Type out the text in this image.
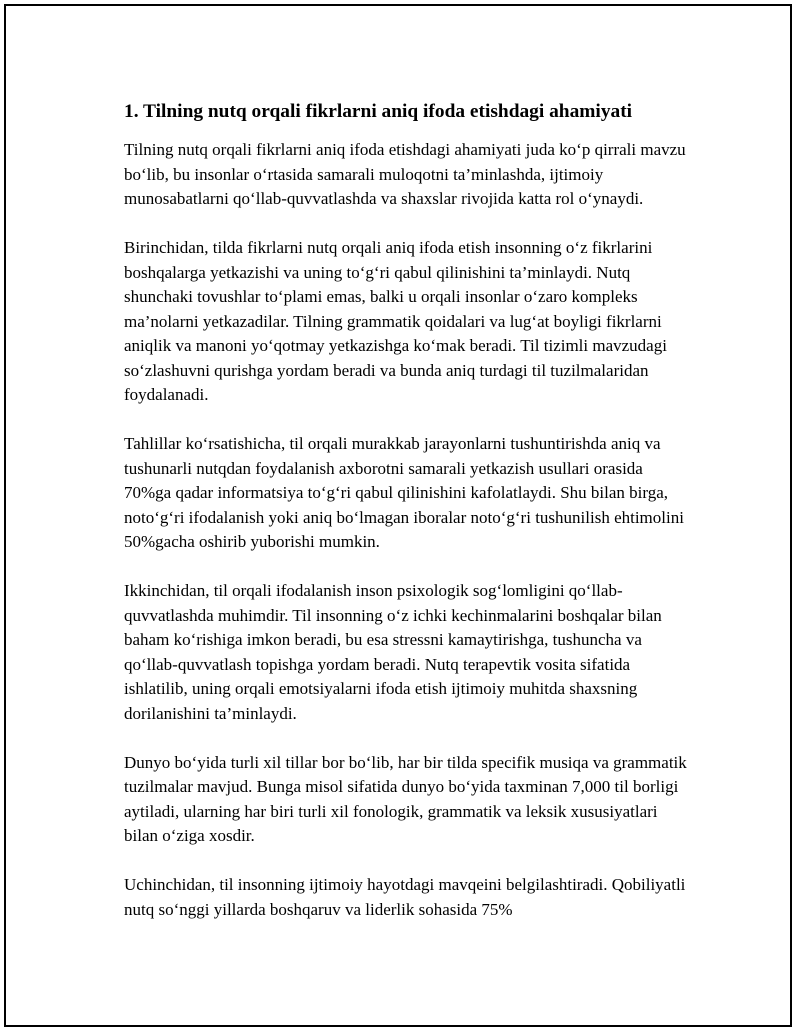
1. Tilning nutq orqali fikrlarni aniq ifoda etishdagi ahamiyati

Tilning nutq orqali fikrlarni aniq ifoda etishdagi ahamiyati juda ko‘p qirrali mavzu bo‘lib, bu insonlar o‘rtasida samarali muloqotni ta’minlashda, ijtimoiy munosabatlarni qo‘llab-quvvatlashda va shaxslar rivojida katta rol o‘ynaydi.

Birinchidan, tilda fikrlarni nutq orqali aniq ifoda etish insonning o‘z fikrlarini boshqalarga yetkazishi va uning to‘g‘ri qabul qilinishini ta’minlaydi. Nutq shunchaki tovushlar to‘plami emas, balki u orqali insonlar o‘zaro kompleks ma’nolarni yetkazadilar. Tilning grammatik qoidalari va lug‘at boyligi fikrlarni aniqlik va manoni yo‘qotmay yetkazishga ko‘mak beradi. Til tizimli mavzudagi so‘zlashuvni qurishga yordam beradi va bunda aniq turdagi til tuzilmalaridan foydalanadi.

Tahlillar ko‘rsatishicha, til orqali murakkab jarayonlarni tushuntirishda aniq va tushunarli nutqdan foydalanish axborotni samarali yetkazish usullari orasida 70%ga qadar informatsiya to‘g‘ri qabul qilinishini kafolatlaydi. Shu bilan birga, noto‘g‘ri ifodalanish yoki aniq bo‘lmagan iboralar noto‘g‘ri tushunilish ehtimolini 50%gacha oshirib yuborishi mumkin.

Ikkinchidan, til orqali ifodalanish inson psixologik sog‘lomligini qo‘llab-quvvatlashda muhimdir. Til insonning o‘z ichki kechinmalarini boshqalar bilan baham ko‘rishiga imkon beradi, bu esa stressni kamaytirishga, tushuncha va qo‘llab-quvvatlash topishga yordam beradi. Nutq terapevtik vosita sifatida ishlatilib, uning orqali emotsiyalarni ifoda etish ijtimoiy muhitda shaxsning dorilanishini ta’minlaydi.

Dunyo bo‘yida turli xil tillar bor bo‘lib, har bir tilda specifik musiqa va grammatik tuzilmalar mavjud. Bunga misol sifatida dunyo bo‘yida taxminan 7,000 til borligi aytiladi, ularning har biri turli xil fonologik, grammatik va leksik xususiyatlari bilan o‘ziga xosdir.

Uchinchidan, til insonning ijtimoiy hayotdagi mavqeini belgilashtiradi. Qobiliyatli nutq so‘nggi yillarda boshqaruv va liderlik sohasida 75%
